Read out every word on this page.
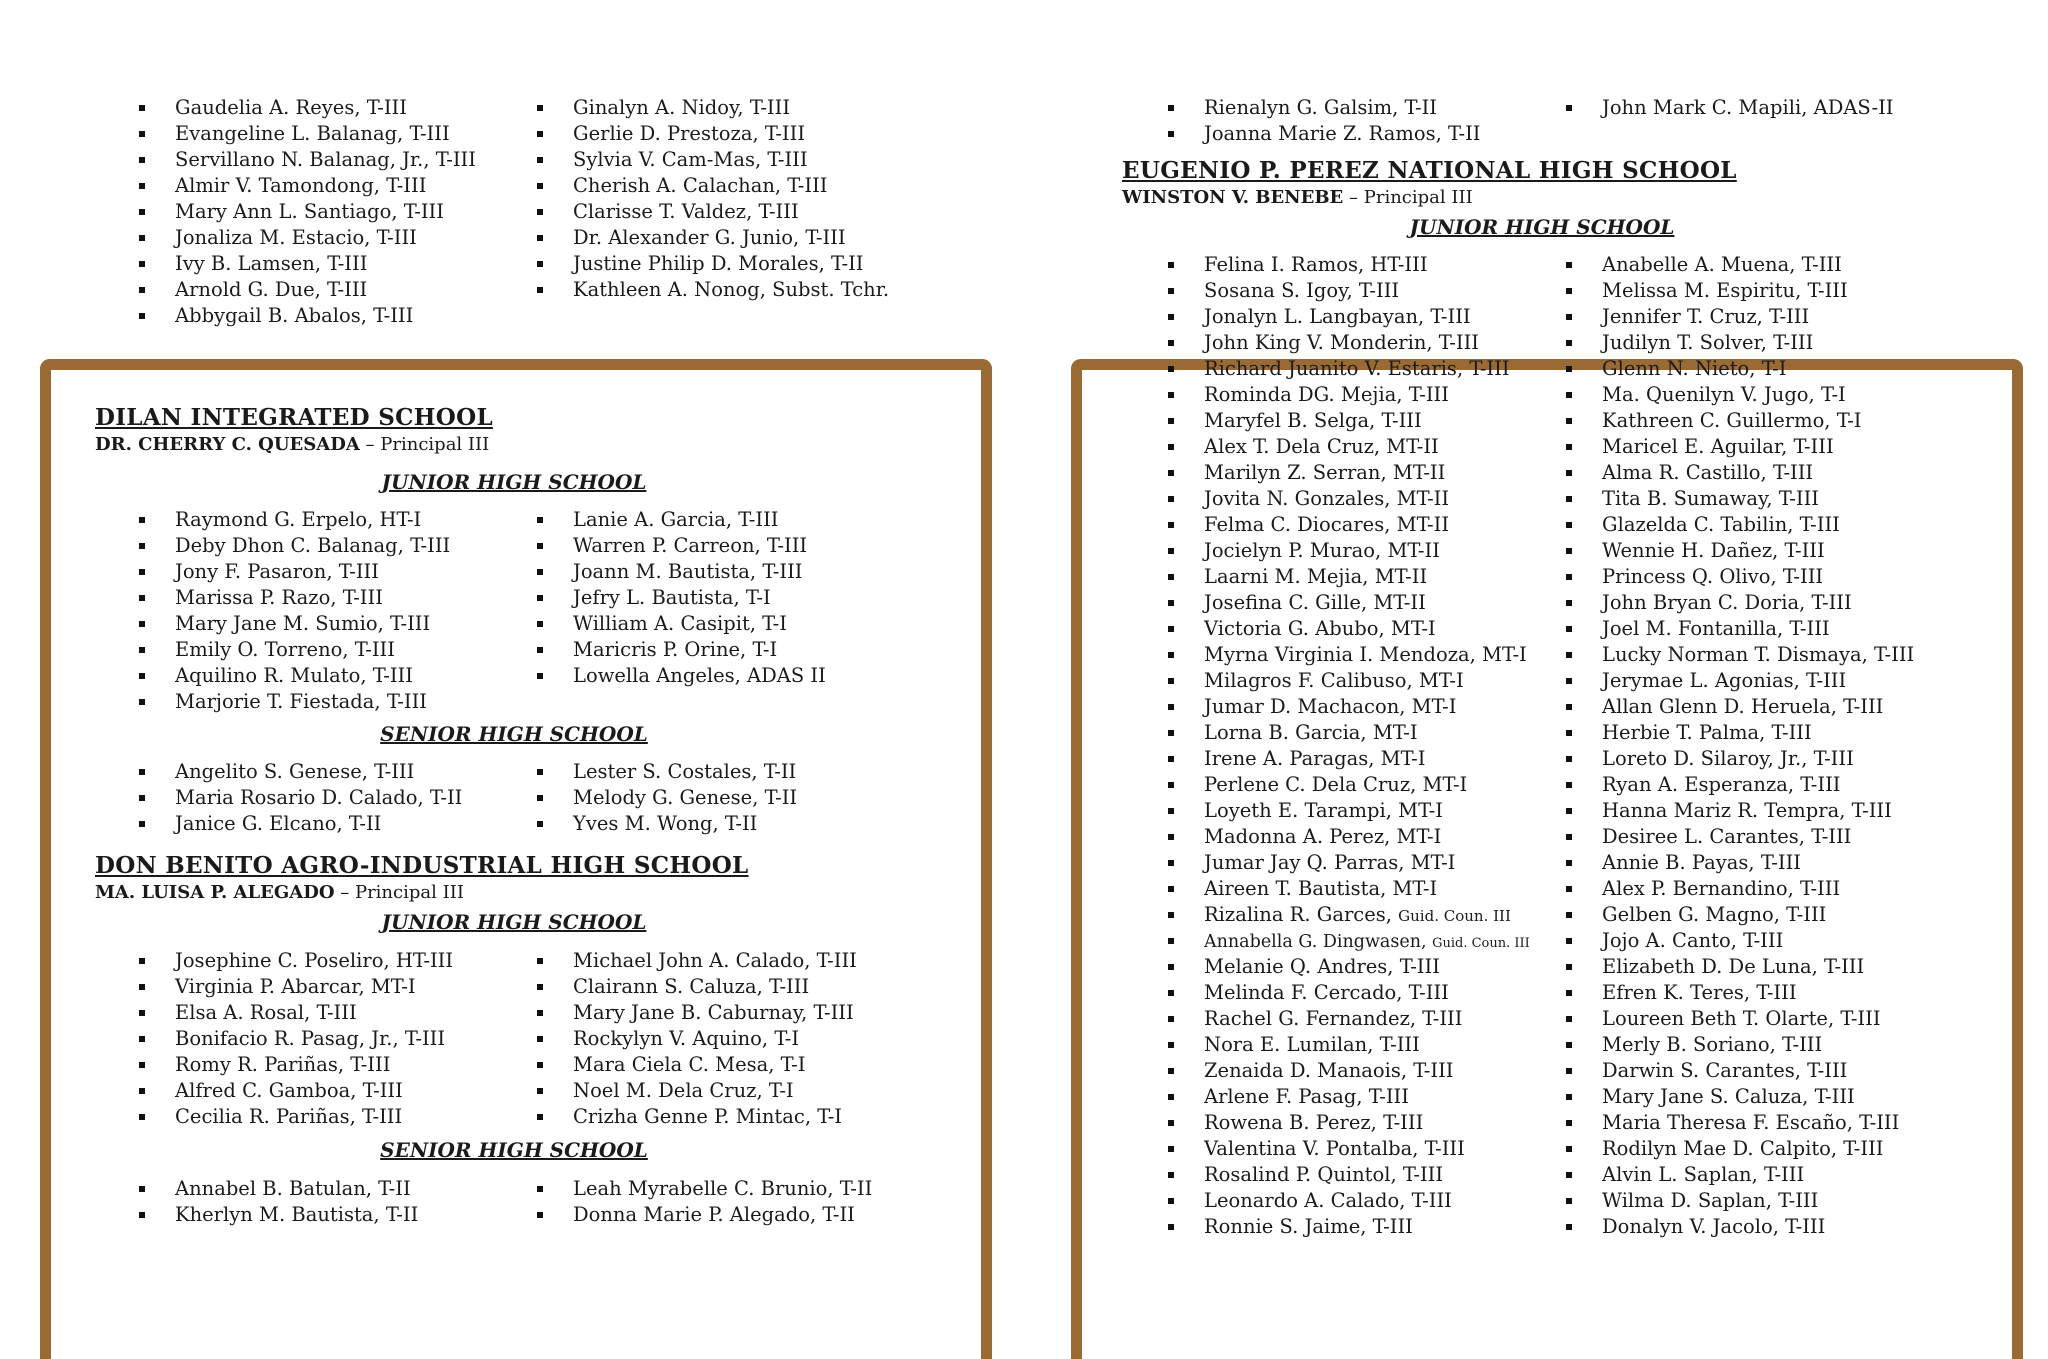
Gaudelia A. Reyes, T-III
Evangeline L. Balanag, T-III
Servillano N. Balanag, Jr., T-III
Almir V. Tamondong, T-III
Mary Ann L. Santiago, T-III
Jonaliza M. Estacio, T-III
Ivy B. Lamsen, T-III
Arnold G. Due, T-III
Abbygail B. Abalos, T-III
Ginalyn A. Nidoy, T-III
Gerlie D. Prestoza, T-III
Sylvia V. Cam-Mas, T-III
Cherish A. Calachan, T-III
Clarisse T. Valdez, T-III
Dr. Alexander G. Junio, T-III
Justine Philip D. Morales, T-II
Kathleen A. Nonog, Subst. Tchr.
Rienalyn G. Galsim, T-II
Joanna Marie Z. Ramos, T-II
John Mark C. Mapili, ADAS-II
DILAN INTEGRATED SCHOOL
DR. CHERRY C. QUESADA – Principal III
JUNIOR HIGH SCHOOL
Raymond G. Erpelo, HT-I
Deby Dhon C. Balanag, T-III
Jony F. Pasaron, T-III
Marissa P. Razo, T-III
Mary Jane M. Sumio, T-III
Emily O. Torreno, T-III
Aquilino R. Mulato, T-III
Marjorie T. Fiestada, T-III
Lanie A. Garcia, T-III
Warren P. Carreon, T-III
Joann M. Bautista, T-III
Jefry L. Bautista, T-I
William A. Casipit, T-I
Maricris P. Orine, T-I
Lowella Angeles, ADAS II
SENIOR HIGH SCHOOL
Angelito S. Genese, T-III
Maria Rosario D. Calado, T-II
Janice G. Elcano, T-II
Lester S. Costales, T-II
Melody G. Genese, T-II
Yves M. Wong, T-II
DON BENITO AGRO-INDUSTRIAL HIGH SCHOOL
MA. LUISA P. ALEGADO – Principal III
JUNIOR HIGH SCHOOL
Josephine C. Poseliro, HT-III
Virginia P. Abarcar, MT-I
Elsa A. Rosal, T-III
Bonifacio R. Pasag, Jr., T-III
Romy R. Pariñas, T-III
Alfred C. Gamboa, T-III
Cecilia R. Pariñas, T-III
Michael John A. Calado, T-III
Clairann S. Caluza, T-III
Mary Jane B. Caburnay, T-III
Rockylyn V. Aquino, T-I
Mara Ciela C. Mesa, T-I
Noel M. Dela Cruz, T-I
Crizha Genne P. Mintac, T-I
SENIOR HIGH SCHOOL
Annabel B. Batulan, T-II
Kherlyn M. Bautista, T-II
Leah Myrabelle C. Brunio, T-II
Donna Marie P. Alegado, T-II
EUGENIO P. PEREZ NATIONAL HIGH SCHOOL
WINSTON V. BENEBE – Principal III
JUNIOR HIGH SCHOOL
Felina I. Ramos, HT-III
Sosana S. Igoy, T-III
Jonalyn L. Langbayan, T-III
John King V. Monderin, T-III
Richard Juanito V. Estaris, T-III
Rominda DG. Mejia, T-III
Maryfel B. Selga, T-III
Alex T. Dela Cruz, MT-II
Marilyn Z. Serran, MT-II
Jovita N. Gonzales, MT-II
Felma C. Diocares, MT-II
Jocielyn P. Murao, MT-II
Laarni M. Mejia, MT-II
Josefina C. Gille, MT-II
Victoria G. Abubo, MT-I
Myrna Virginia I. Mendoza, MT-I
Milagros F. Calibuso, MT-I
Jumar D. Machacon, MT-I
Lorna B. Garcia, MT-I
Irene A. Paragas, MT-I
Perlene C. Dela Cruz, MT-I
Loyeth E. Tarampi, MT-I
Madonna A. Perez, MT-I
Jumar Jay Q. Parras, MT-I
Aireen T. Bautista, MT-I
Rizalina R. Garces, Guid. Coun. III
Annabella G. Dingwasen, Guid. Coun. III
Melanie Q. Andres, T-III
Melinda F. Cercado, T-III
Rachel G. Fernandez, T-III
Nora E. Lumilan, T-III
Zenaida D. Manaois, T-III
Arlene F. Pasag, T-III
Rowena B. Perez, T-III
Valentina V. Pontalba, T-III
Rosalind P. Quintol, T-III
Leonardo A. Calado, T-III
Ronnie S. Jaime, T-III
Anabelle A. Muena, T-III
Melissa M. Espiritu, T-III
Jennifer T. Cruz, T-III
Judilyn T. Solver, T-III
Glenn N. Nieto, T-I
Ma. Quenilyn V. Jugo, T-I
Kathreen C. Guillermo, T-I
Maricel E. Aguilar, T-III
Alma R. Castillo, T-III
Tita B. Sumaway, T-III
Glazelda C. Tabilin, T-III
Wennie H. Dañez, T-III
Princess Q. Olivo, T-III
John Bryan C. Doria, T-III
Joel M. Fontanilla, T-III
Lucky Norman T. Dismaya, T-III
Jerymae L. Agonias, T-III
Allan Glenn D. Heruela, T-III
Herbie T. Palma, T-III
Loreto D. Silaroy, Jr., T-III
Ryan A. Esperanza, T-III
Hanna Mariz R. Tempra, T-III
Desiree L. Carantes, T-III
Annie B. Payas, T-III
Alex P. Bernandino, T-III
Gelben G. Magno, T-III
Jojo A. Canto, T-III
Elizabeth D. De Luna, T-III
Efren K. Teres, T-III
Loureen Beth T. Olarte, T-III
Merly B. Soriano, T-III
Darwin S. Carantes, T-III
Mary Jane S. Caluza, T-III
Maria Theresa F. Escaño, T-III
Rodilyn Mae D. Calpito, T-III
Alvin L. Saplan, T-III
Wilma D. Saplan, T-III
Donalyn V. Jacolo, T-III
